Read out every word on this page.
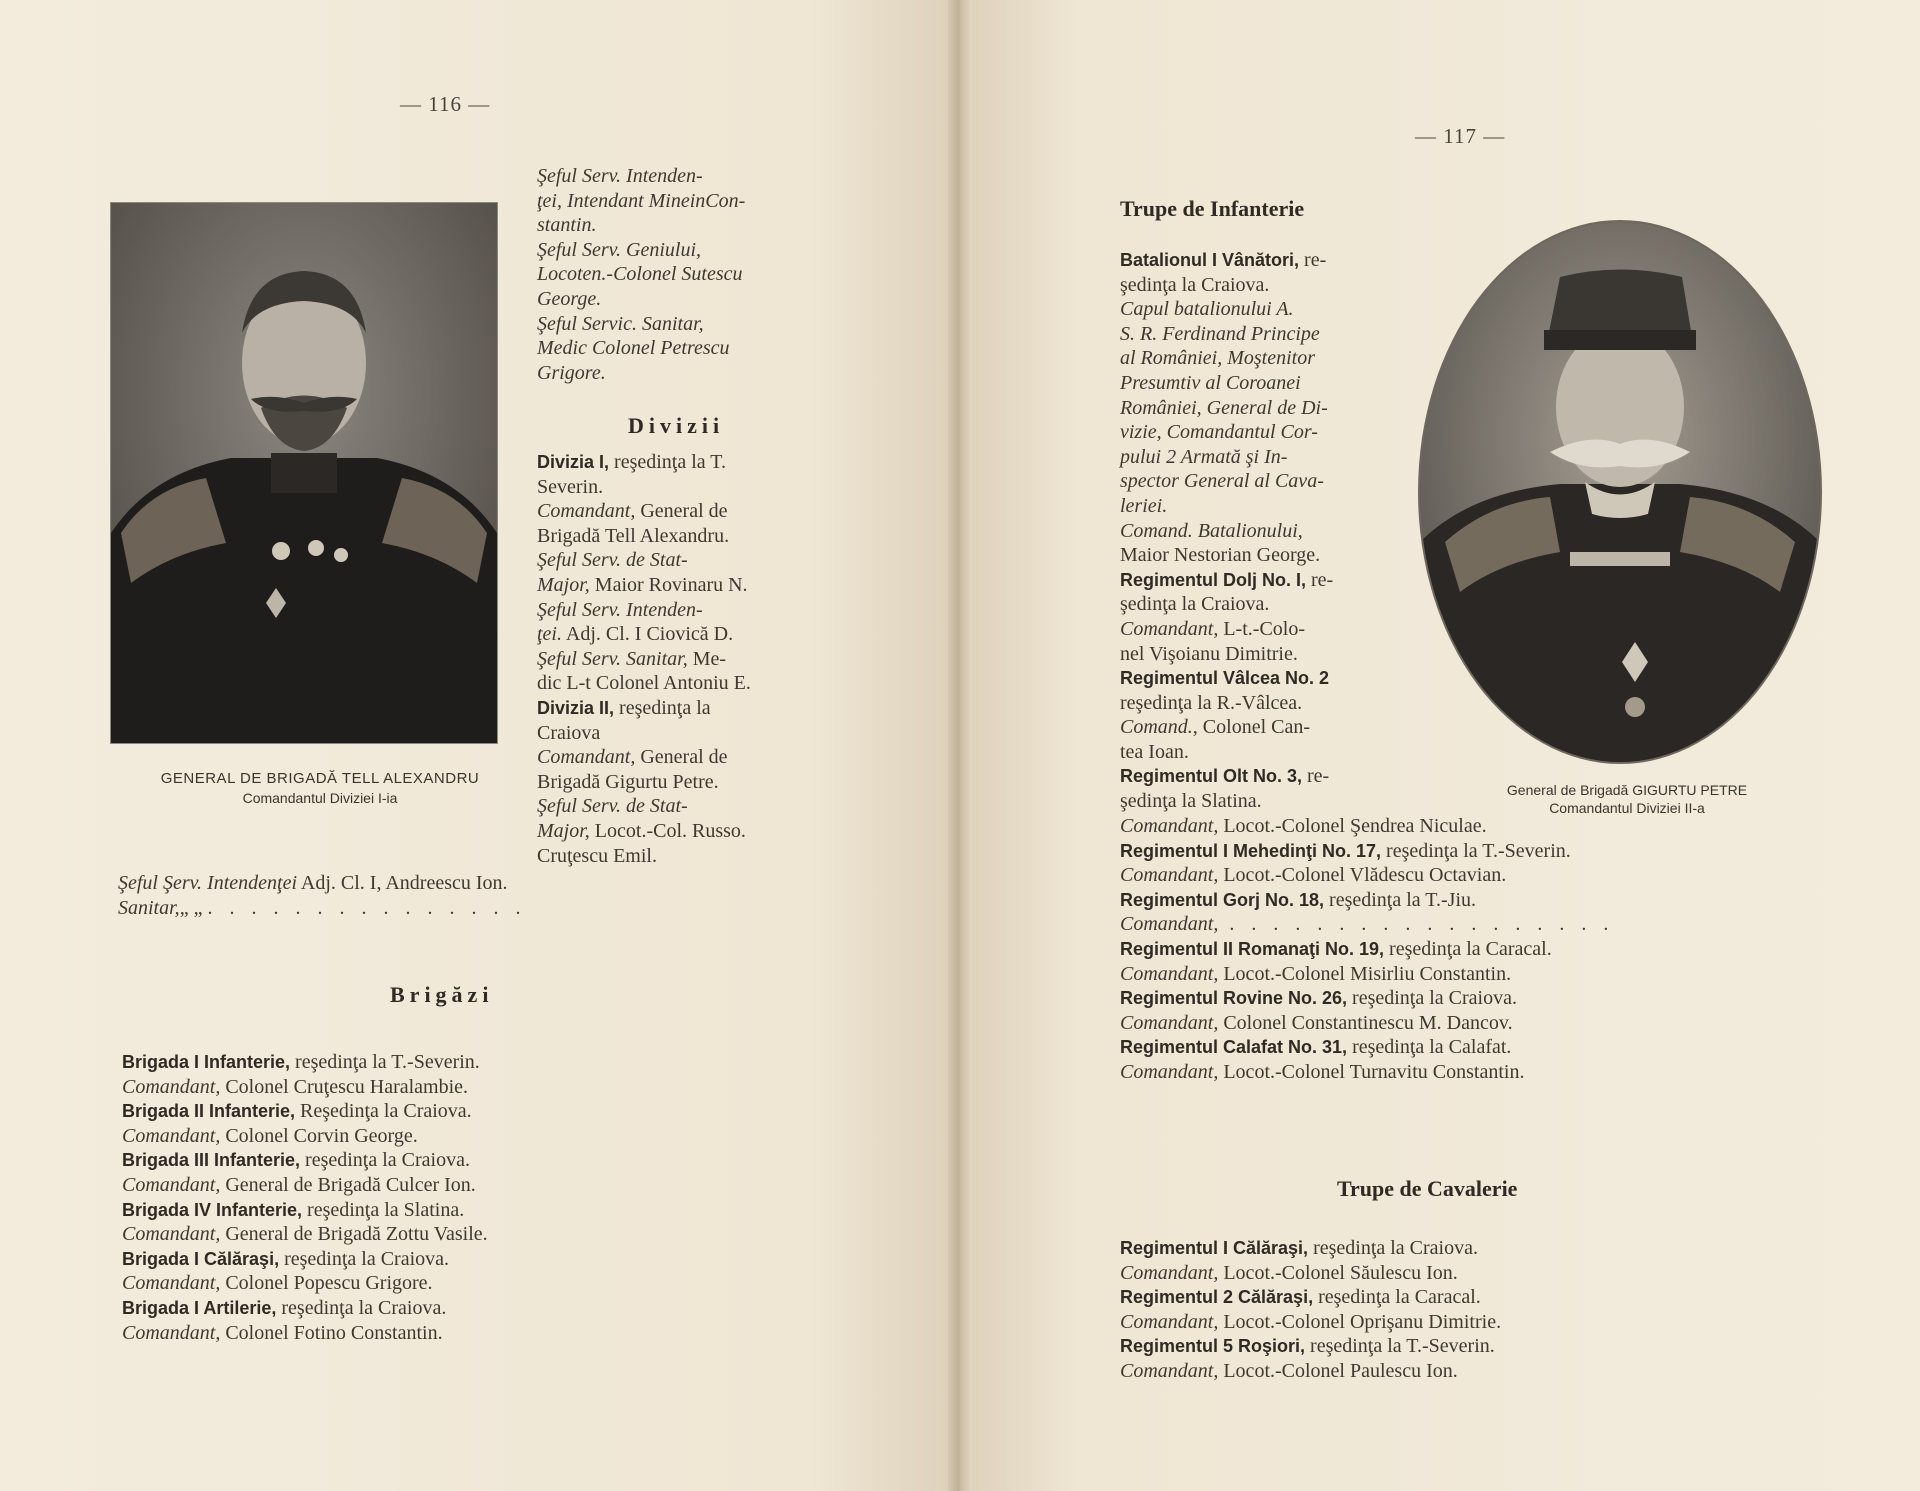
— 116 —
GENERAL DE BRIGADĂ TELL ALEXANDRU
Comandantul Diviziei I-ia
Şeful Serv. Intenden-
ţei, Intendant MineinCon-
stantin.
Şeful Serv. Geniului,
Locoten.-Colonel Sutescu
George.
Şeful Servic. Sanitar,
Medic Colonel Petrescu
Grigore.
Divizii
Divizia I, reşedinţa la T.
Severin.
Comandant, General de
Brigadă Tell Alexandru.
Şeful Serv. de Stat-
Major, Maior Rovinaru N.
Şeful Serv. Intenden-
ţei. Adj. Cl. I Ciovică D.
Şeful Serv. Sanitar, Me-
dic L-t Colonel Antoniu E.
Divizia II, reşedinţa la
Craiova
Comandant, General de
Brigadă Gigurtu Petre.
Şeful Serv. de Stat-
Major, Locot.-Col. Russo.
Cruţescu Emil.
Şeful Şerv. Intendenţei Adj. Cl. I, Andreescu Ion.
Sanitar,„ „ . . . . . . . . . . . . . . .
Brigăzi
Brigada I Infanterie, reşedinţa la T.-Severin.
Comandant, Colonel Cruţescu Haralambie.
Brigada II Infanterie, Reşedinţa la Craiova.
Comandant, Colonel Corvin George.
Brigada III Infanterie, reşedinţa la Craiova.
Comandant, General de Brigadă Culcer Ion.
Brigada IV Infanterie, reşedinţa la Slatina.
Comandant, General de Brigadă Zottu Vasile.
Brigada I Călăraşi, reşedinţa la Craiova.
Comandant, Colonel Popescu Grigore.
Brigada I Artilerie, reşedinţa la Craiova.
Comandant, Colonel Fotino Constantin.
— 117 —
Trupe de Infanterie
General de Brigadă GIGURTU PETRE
Comandantul Diviziei II-a
Batalionul I Vânători, re-
şedinţa la Craiova.
Capul batalionului A.
S. R. Ferdinand Principe
al României, Moştenitor
Presumtiv al Coroanei
României, General de Di-
vizie, Comandantul Cor-
pului 2 Armată şi In-
spector General al Cava-
leriei.
Comand. Batalionului,
Maior Nestorian George.
Regimentul Dolj No. I, re-
şedinţa la Craiova.
Comandant, L-t.-Colo-
nel Vişoianu Dimitrie.
Regimentul Vâlcea No. 2
reşedinţa la R.-Vâlcea.
Comand., Colonel Can-
tea Ioan.
Regimentul Olt No. 3, re-
şedinţa la Slatina.
Comandant, Locot.-Colonel Şendrea Niculae.
Regimentul I Mehedinţi No. 17, reşedinţa la T.-Severin.
Comandant, Locot.-Colonel Vlădescu Octavian.
Regimentul Gorj No. 18, reşedinţa la T.-Jiu.
Comandant, . . . . . . . . . . . . . . . . . .
Regimentul II Romanaţi No. 19, reşedinţa la Caracal.
Comandant, Locot.-Colonel Misirliu Constantin.
Regimentul Rovine No. 26, reşedinţa la Craiova.
Comandant, Colonel Constantinescu M. Dancov.
Regimentul Calafat No. 31, reşedinţa la Calafat.
Comandant, Locot.-Colonel Turnavitu Constantin.
Trupe de Cavalerie
Regimentul I Călăraşi, reşedinţa la Craiova.
Comandant, Locot.-Colonel Săulescu Ion.
Regimentul 2 Călăraşi, reşedinţa la Caracal.
Comandant, Locot.-Colonel Oprişanu Dimitrie.
Regimentul 5 Roşiori, reşedinţa la T.-Severin.
Comandant, Locot.-Colonel Paulescu Ion.
